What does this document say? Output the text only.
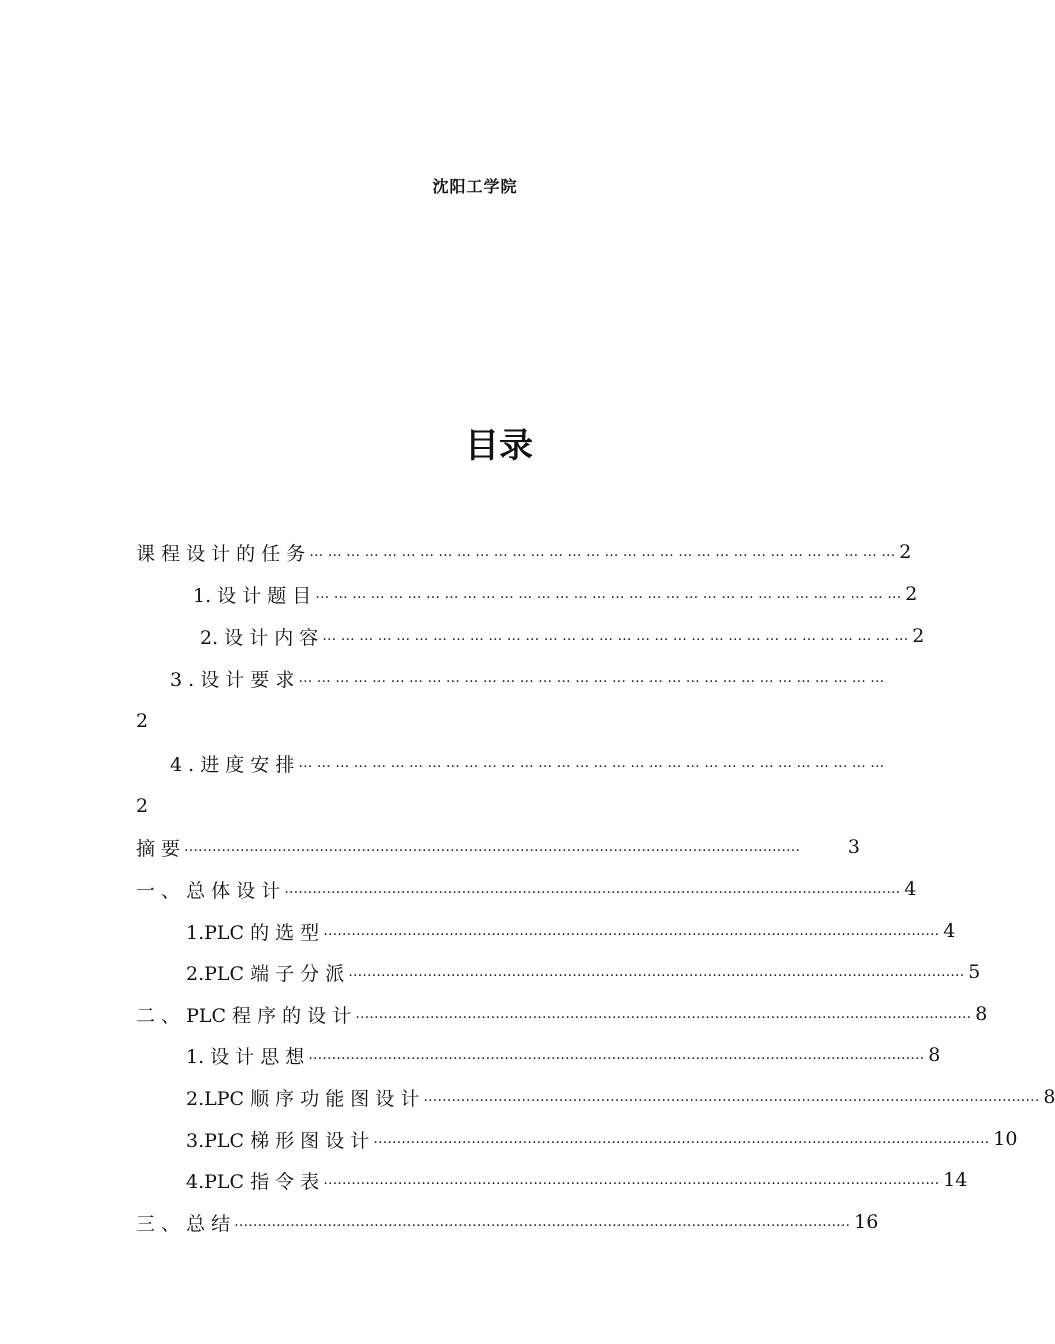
沈阳工学院
目录
课 程 设 计 的 任 务 … … … … … … … … … … … … … … … … … … … … … … … … … … … … … … … … 2
1. 设 计 题 目 … … … … … … … … … … … … … … … … … … … … … … … … … … … … … … … … 2
2. 设 计 内 容 … … … … … … … … … … … … … … … … … … … … … … … … … … … … … … … … 2
3 . 设 计 要 求 … … … … … … … … … … … … … … … … … … … … … … … … … … … … … … … …
2
4 . 进 度 安 排 … … … … … … … … … … … … … … … … … … … … … … … … … … … … … … … …
2
摘 要 ……………………………………………………………………………………………………………………	3
一 、 总 体 设 计 …………………………………………………………………………………………………………………… 4
1.PLC 的 选 型 …………………………………………………………………………………………………………………… 4
2.PLC 端 子 分 派 …………………………………………………………………………………………………………………… 5
二 、 PLC 程 序 的 设 计 …………………………………………………………………………………………………………………… 8
1. 设 计 思 想 …………………………………………………………………………………………………………………… 8
2.LPC 顺 序 功 能 图 设 计 …………………………………………………………………………………………………………………… 8
3.PLC 梯 形 图 设 计 …………………………………………………………………………………………………………………… 10
4.PLC 指 令 表 …………………………………………………………………………………………………………………… 14
三 、 总 结 …………………………………………………………………………………………………………………… 16
